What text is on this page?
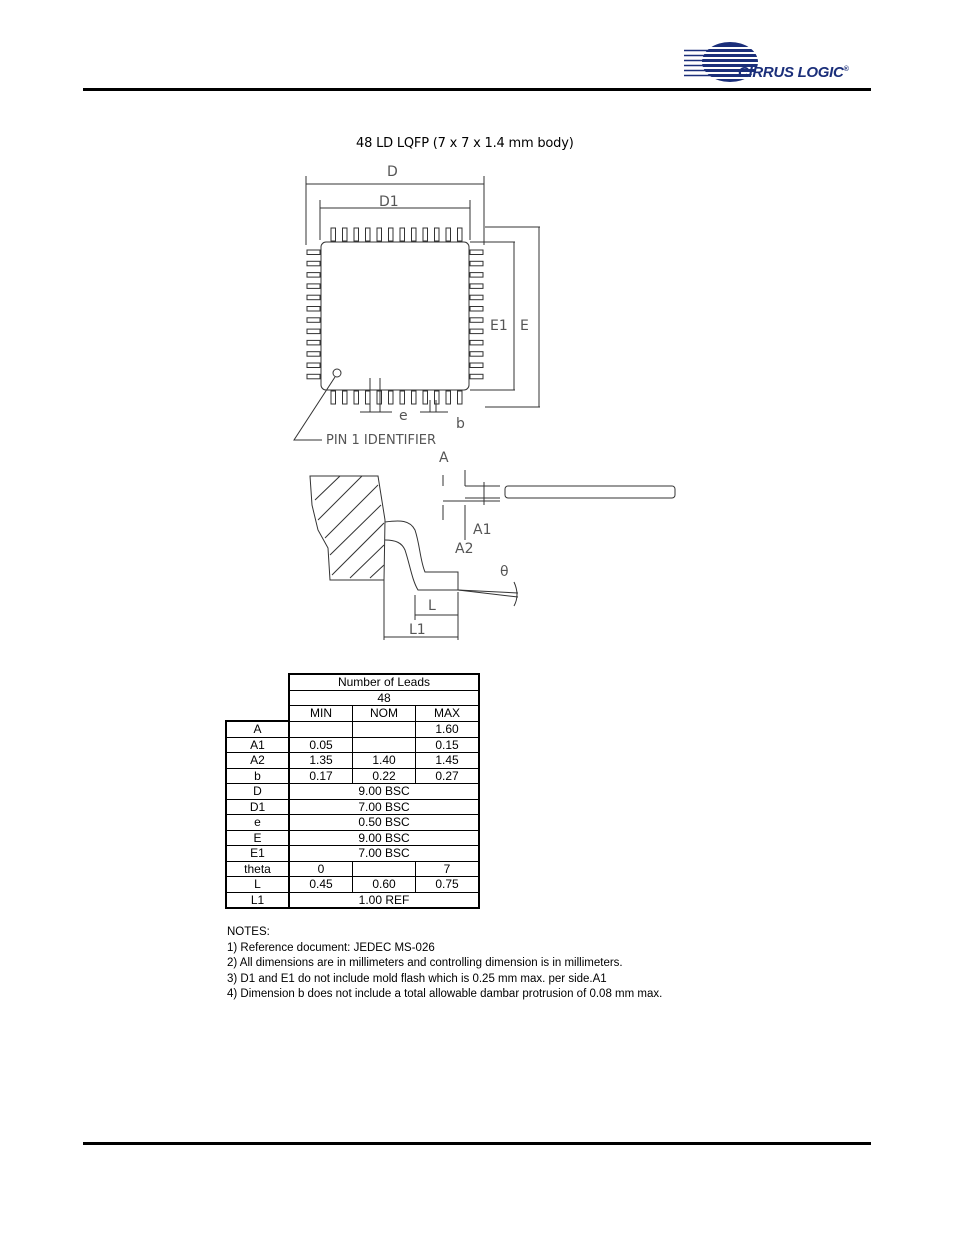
CIRRUS LOGIC®
48 LD LQFP (7 x 7 x 1.4 mm body)
D
D1
E1 E
e	b
PIN 1 IDENTIFIER
A
A1
A2
θ
L
L1
	Number of Leads		
	48		
	MIN	NOM	MAX
A			1.60
A1	0.05		0.15
A2	1.35	1.40	1.45
b	0.17	0.22	0.27
D	9.00 BSC		
D1	7.00 BSC		
e	0.50 BSC		
E	9.00 BSC		
E1	7.00 BSC		
theta	0		7
L	0.45	0.60	0.75
L1	1.00 REF		
NOTES:
1) Reference document: JEDEC MS-026
2) All dimensions are in millimeters and controlling dimension is in millimeters.
3) D1 and E1 do not include mold flash which is 0.25 mm max. per side.A1
4) Dimension b does not include a total allowable dambar protrusion of 0.08 mm max.
